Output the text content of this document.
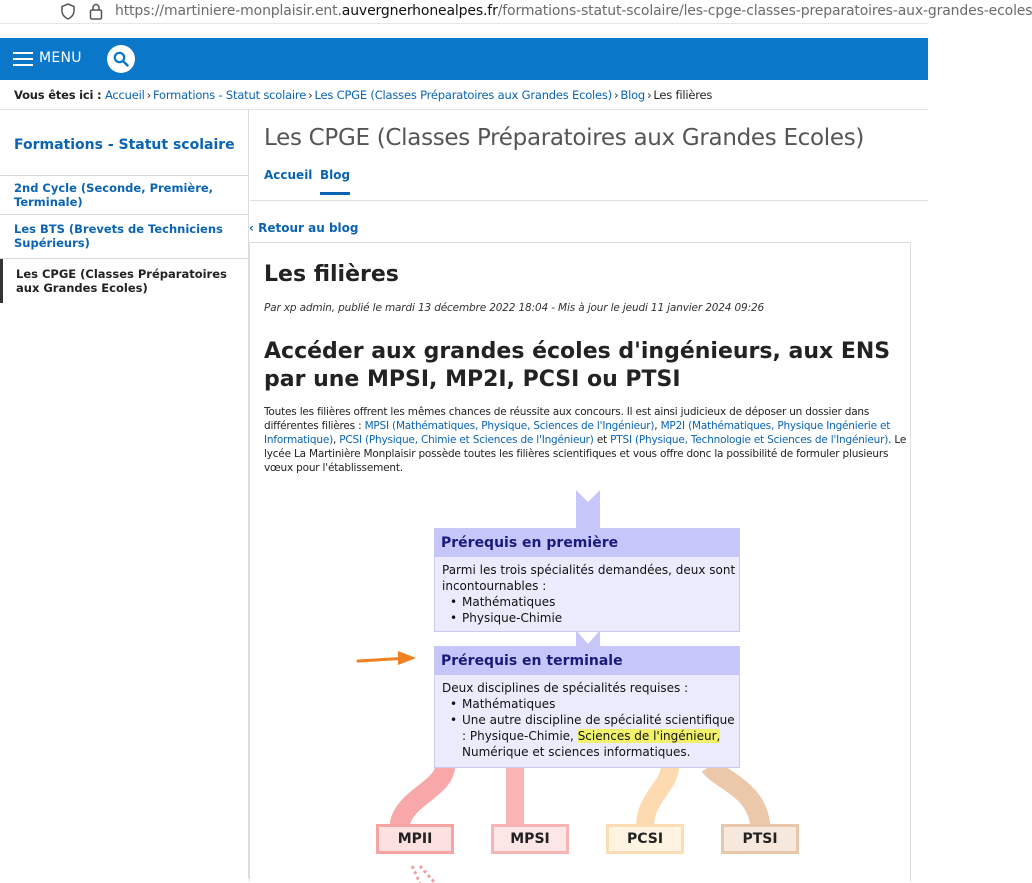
https://martiniere-monplaisir.ent.auvergnerhonealpes.fr/formations-statut-scolaire/les-cpge-classes-preparatoires-aux-grandes-ecoles
MENU
Vous êtes ici : Accueil › Formations - Statut scolaire › Les CPGE (Classes Préparatoires aux Grandes Ecoles) › Blog › Les filières
Formations - Statut scolaire
2nd Cycle (Seconde, Première, Terminale)
Les BTS (Brevets de Techniciens Supérieurs)
Les CPGE (Classes Préparatoires aux Grandes Ecoles)
Les CPGE (Classes Préparatoires aux Grandes Ecoles)
Accueil Blog
‹ Retour au blog
Les filières
Par xp admin, publié le mardi 13 décembre 2022 18:04 - Mis à jour le jeudi 11 janvier 2024 09:26
Accéder aux grandes écoles d'ingénieurs, aux ENS par une MPSI, MP2I, PCSI ou PTSI
Toutes les filières offrent les mêmes chances de réussite aux concours. Il est ainsi judicieux de déposer un dossier dans différentes filières : MPSI (Mathématiques, Physique, Sciences de l'Ingénieur), MP2I (Mathématiques, Physique Ingénierie et Informatique), PCSI (Physique, Chimie et Sciences de l'Ingénieur) et PTSI (Physique, Technologie et Sciences de l'Ingénieur). Le lycée La Martinière Monplaisir possède toutes les filières scientifiques et vous offre donc la possibilité de formuler plusieurs vœux pour l'établissement.
Prérequis en première
Parmi les trois spécialités demandées, deux sont incontournables :
• Mathématiques
• Physique-Chimie
Prérequis en terminale
Deux disciplines de spécialités requises :
• Mathématiques
• Une autre discipline de spécialité scientifique : Physique-Chimie, Sciences de l'ingénieur, Numérique et sciences informatiques.
MPII	MPSI	PCSI	PTSI
